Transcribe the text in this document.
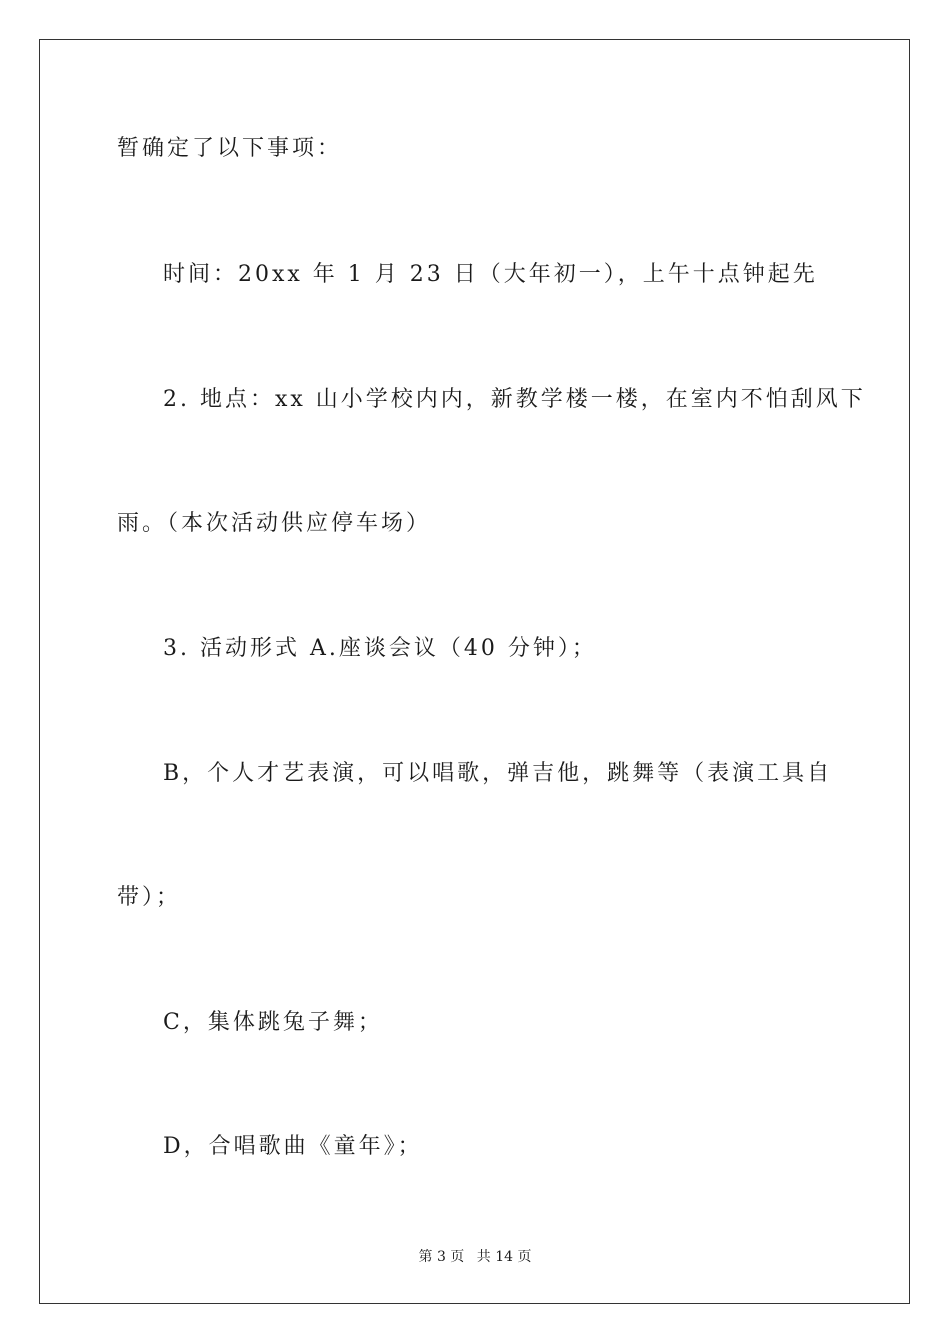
暂确定了以下事项：
时间：20xx 年 1 月 23 日（大年初一），上午十点钟起先
2. 地点：xx 山小学校内内，新教学楼一楼，在室内不怕刮风下
雨。（本次活动供应停车场）
3. 活动形式 A.座谈会议（40 分钟）；
B，个人才艺表演，可以唱歌，弹吉他，跳舞等（表演工具自
带）；
C，集体跳兔子舞；
D，合唱歌曲《童年》；
第 3 页 共 14 页
